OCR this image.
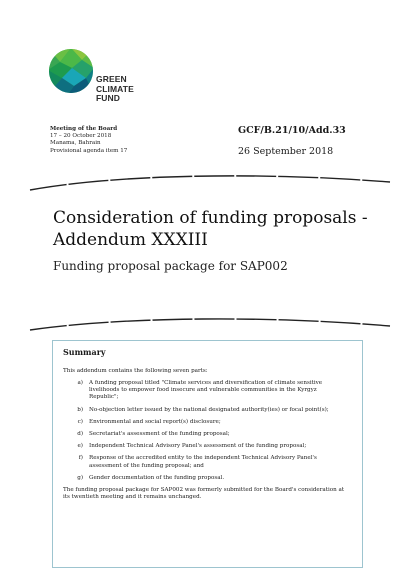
GREEN
CLIMATE
FUND
Meeting of the Board
17 – 20 October 2018
Manama, Bahrain
Provisional agenda item 17
GCF/B.21/10/Add.33
26 September 2018
Consideration of funding proposals - Addendum XXXIII
Funding proposal package for SAP002
Summary
This addendum contains the following seven parts:
a)	A funding proposal titled "Climate services and diversification of climate sensitive livelihoods to empower food insecure and vulnerable communities in the Kyrgyz Republic";
b)	No-objection letter issued by the national designated authority(ies) or focal point(s);
c)	Environmental and social report(s) disclosure;
d)	Secretariat's assessment of the funding proposal;
e)	Independent Technical Advisory Panel's assessment of the funding proposal;
f)	Response of the accredited entity to the independent Technical Advisory Panel's assessment of the funding proposal; and
g)	Gender documentation of the funding proposal.
The funding proposal package for SAP002 was formerly submitted for the Board's consideration at its twentieth meeting and it remains unchanged.
